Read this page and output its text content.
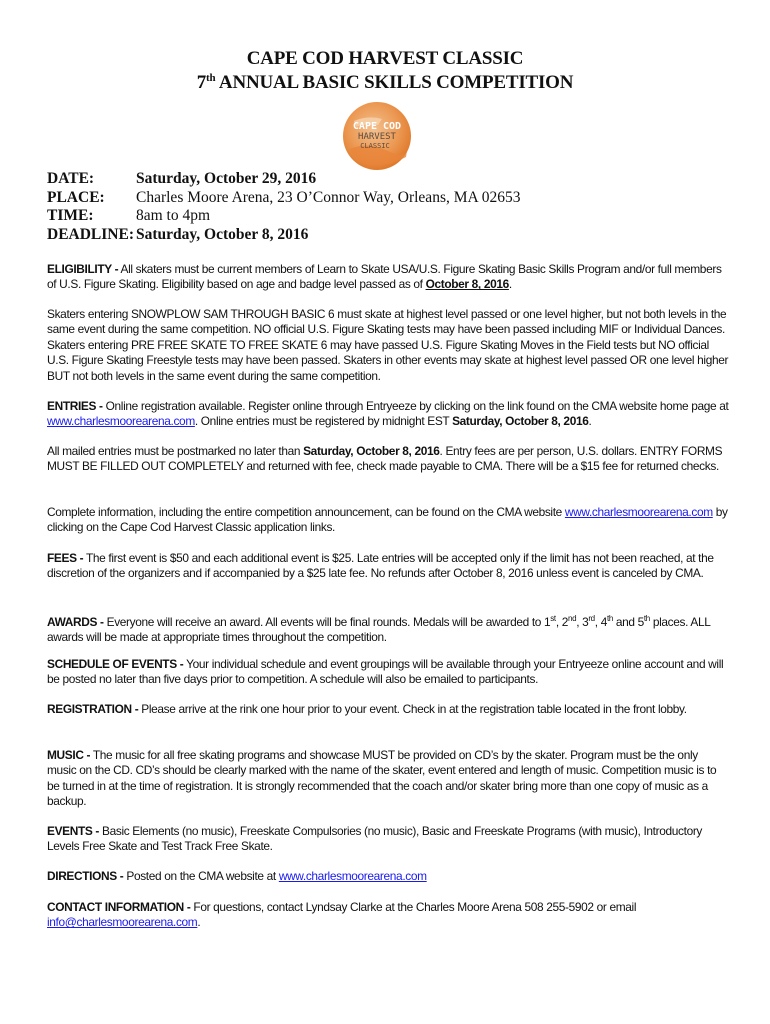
CAPE COD HARVEST CLASSIC
7th ANNUAL BASIC SKILLS COMPETITION
CAPE COD
HARVEST
CLASSIC
DATE:	Saturday, October 29, 2016
PLACE:	Charles Moore Arena, 23 O’Connor Way, Orleans, MA 02653
TIME:	8am to 4pm
DEADLINE: Saturday, October 8, 2016
ELIGIBILITY - All skaters must be current members of Learn to Skate USA/U.S. Figure Skating Basic Skills Program and/or full members of U.S. Figure Skating. Eligibility based on age and badge level passed as of October 8, 2016.
Skaters entering SNOWPLOW SAM THROUGH BASIC 6 must skate at highest level passed or one level higher, but not both levels in the same event during the same competition. NO official U.S. Figure Skating tests may have been passed including MIF or Individual Dances. Skaters entering PRE FREE SKATE TO FREE SKATE 6 may have passed U.S. Figure Skating Moves in the Field tests but NO official U.S. Figure Skating Freestyle tests may have been passed. Skaters in other events may skate at highest level passed OR one level higher BUT not both levels in the same event during the same competition.
ENTRIES - Online registration available. Register online through Entryeeze by clicking on the link found on the CMA website home page at www.charlesmoorearena.com. Online entries must be registered by midnight EST Saturday, October 8, 2016.
All mailed entries must be postmarked no later than Saturday, October 8, 2016. Entry fees are per person, U.S. dollars. ENTRY FORMS MUST BE FILLED OUT COMPLETELY and returned with fee, check made payable to CMA. There will be a $15 fee for returned checks.
Complete information, including the entire competition announcement, can be found on the CMA website www.charlesmoorearena.com by clicking on the Cape Cod Harvest Classic application links.
FEES - The first event is $50 and each additional event is $25. Late entries will be accepted only if the limit has not been reached, at the discretion of the organizers and if accompanied by a $25 late fee. No refunds after October 8, 2016 unless event is canceled by CMA.
AWARDS - Everyone will receive an award. All events will be final rounds. Medals will be awarded to 1st, 2nd, 3rd, 4th and 5th places. ALL awards will be made at appropriate times throughout the competition.
SCHEDULE OF EVENTS - Your individual schedule and event groupings will be available through your Entryeeze online account and will be posted no later than five days prior to competition. A schedule will also be emailed to participants.
REGISTRATION - Please arrive at the rink one hour prior to your event. Check in at the registration table located in the front lobby.
MUSIC - The music for all free skating programs and showcase MUST be provided on CD’s by the skater. Program must be the only music on the CD. CD’s should be clearly marked with the name of the skater, event entered and length of music. Competition music is to be turned in at the time of registration. It is strongly recommended that the coach and/or skater bring more than one copy of music as a backup.
EVENTS - Basic Elements (no music), Freeskate Compulsories (no music), Basic and Freeskate Programs (with music), Introductory Levels Free Skate and Test Track Free Skate.
DIRECTIONS - Posted on the CMA website at www.charlesmoorearena.com
CONTACT INFORMATION - For questions, contact Lyndsay Clarke at the Charles Moore Arena 508 255-5902 or email info@charlesmoorearena.com.
